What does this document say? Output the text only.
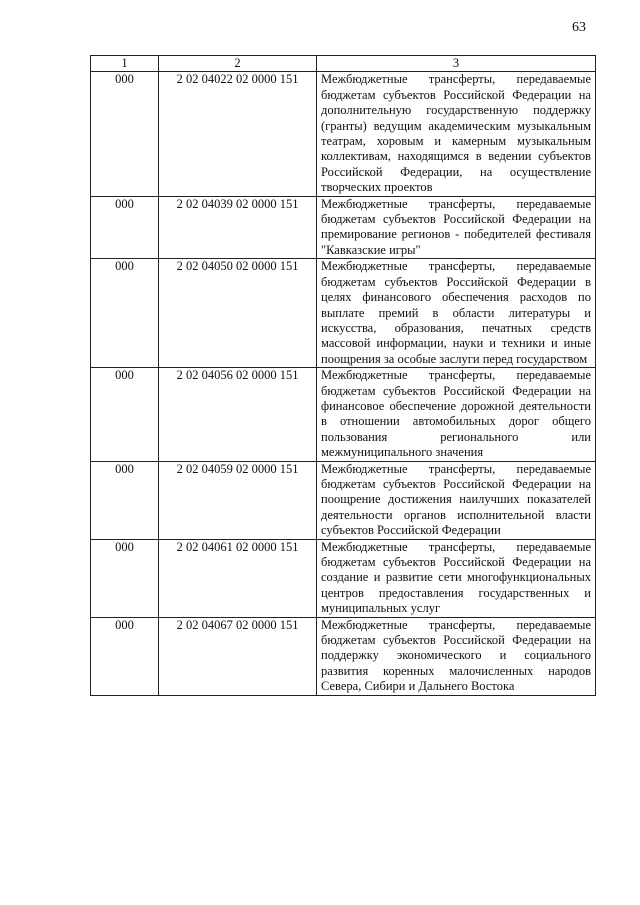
63
1	2	3
000	2 02 04022 02 0000 151	Межбюджетные трансферты, передаваемые бюджетам субъектов Российской Федерации на дополнительную государственную поддержку (гранты) ведущим академическим музыкальным театрам, хоровым и камерным музыкальным коллективам, находящимся в ведении субъектов Российской Федерации, на осуществление творческих проектов
000	2 02 04039 02 0000 151	Межбюджетные трансферты, передаваемые бюджетам субъектов Российской Федерации на премирование регионов - победителей фестиваля "Кавказские игры"
000	2 02 04050 02 0000 151	Межбюджетные трансферты, передаваемые бюджетам субъектов Российской Федерации в целях финансового обеспечения расходов по выплате премий в области литературы и искусства, образования, печатных средств массовой информации, науки и техники и иные поощрения за особые заслуги перед государством
000	2 02 04056 02 0000 151	Межбюджетные трансферты, передаваемые бюджетам субъектов Российской Федерации на финансовое обеспечение дорожной деятельности в отношении автомобильных дорог общего пользования регионального или межмуниципального значения
000	2 02 04059 02 0000 151	Межбюджетные трансферты, передаваемые бюджетам субъектов Российской Федерации на поощрение достижения наилучших показателей деятельности органов исполнительной власти субъектов Российской Федерации
000	2 02 04061 02 0000 151	Межбюджетные трансферты, передаваемые бюджетам субъектов Российской Федерации на создание и развитие сети многофункциональных центров предоставления государственных и муниципальных услуг
000	2 02 04067 02 0000 151	Межбюджетные трансферты, передаваемые бюджетам субъектов Российской Федерации на поддержку экономического и социального развития коренных малочисленных народов Севера, Сибири и Дальнего Востока
